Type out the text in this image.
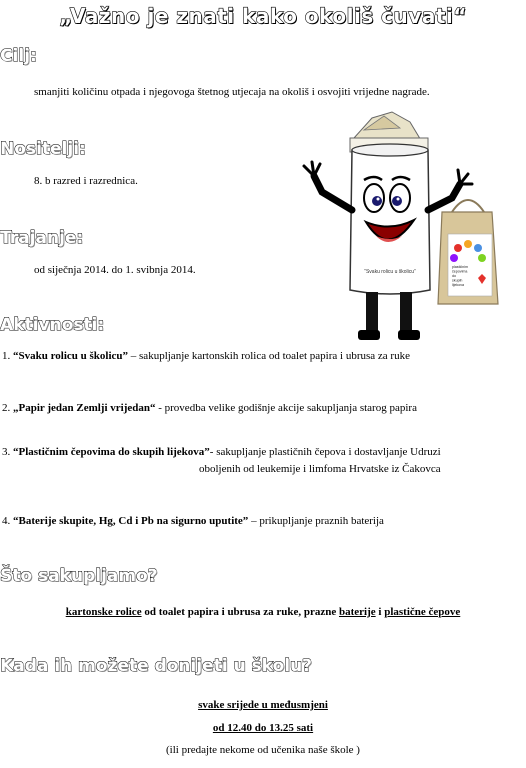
„Važno je znati kako okoliš čuvati“
Cilj:
smanjiti količinu otpada i njegovoga štetnog utjecaja na okoliš i osvojiti vrijedne nagrade.
Nositelji:
8. b razred i razrednica.
Trajanje:
od siječnja 2014. do 1. svibnja 2014.
Aktivnosti:
1. “Svaku rolicu u školicu” – sakupljanje kartonskih rolica od toalet papira i ubrusa za ruke
2. „Papir jedan Zemlji vrijedan“ - provedba velike godišnje akcije sakupljanja starog papira
3. “Plastičnim čepovima do skupih lijekova”- sakupljanje plastičnih čepova i dostavljanje Udruzi
oboljenih od leukemije i limfoma Hrvatske iz Čakovca
4. “Baterije skupite, Hg, Cd i Pb na sigurno uputite” – prikupljanje praznih baterija
Što sakupljamo?
kartonske rolice od toalet papira i ubrusa za ruke, prazne baterije i plastične čepove
Kada ih možete donijeti u školu?
svake srijede u međusmjeni
od 12.40 do 13.25 sati
(ili predajte nekome od učenika naše škole )
“Svaku rolicu u školicu”
plastičnim
čepovima
do
skupih
lijekova
